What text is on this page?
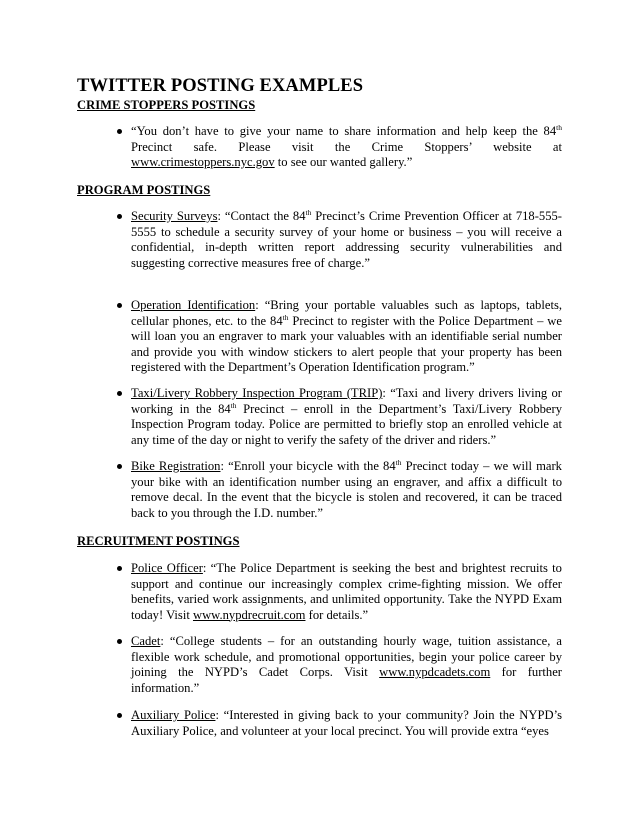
TWITTER POSTING EXAMPLES
CRIME STOPPERS POSTINGS
“You don’t have to give your name to share information and help keep the 84th Precinct safe. Please visit the Crime Stoppers’ website at www.crimestoppers.nyc.gov to see our wanted gallery.”
PROGRAM POSTINGS
Security Surveys: “Contact the 84th Precinct’s Crime Prevention Officer at 718-555-5555 to schedule a security survey of your home or business – you will receive a confidential, in-depth written report addressing security vulnerabilities and suggesting corrective measures free of charge.”
Operation Identification: “Bring your portable valuables such as laptops, tablets, cellular phones, etc. to the 84th Precinct to register with the Police Department – we will loan you an engraver to mark your valuables with an identifiable serial number and provide you with window stickers to alert people that your property has been registered with the Department’s Operation Identification program.”
Taxi/Livery Robbery Inspection Program (TRIP): “Taxi and livery drivers living or working in the 84th Precinct – enroll in the Department’s Taxi/Livery Robbery Inspection Program today. Police are permitted to briefly stop an enrolled vehicle at any time of the day or night to verify the safety of the driver and riders.”
Bike Registration: “Enroll your bicycle with the 84th Precinct today – we will mark your bike with an identification number using an engraver, and affix a difficult to remove decal. In the event that the bicycle is stolen and recovered, it can be traced back to you through the I.D. number.”
RECRUITMENT POSTINGS
Police Officer: “The Police Department is seeking the best and brightest recruits to support and continue our increasingly complex crime-fighting mission. We offer benefits, varied work assignments, and unlimited opportunity. Take the NYPD Exam today! Visit www.nypdrecruit.com for details.”
Cadet: “College students – for an outstanding hourly wage, tuition assistance, a flexible work schedule, and promotional opportunities, begin your police career by joining the NYPD’s Cadet Corps. Visit www.nypdcadets.com for further information.”
Auxiliary Police: “Interested in giving back to your community? Join the NYPD’s Auxiliary Police, and volunteer at your local precinct. You will provide extra “eyes
